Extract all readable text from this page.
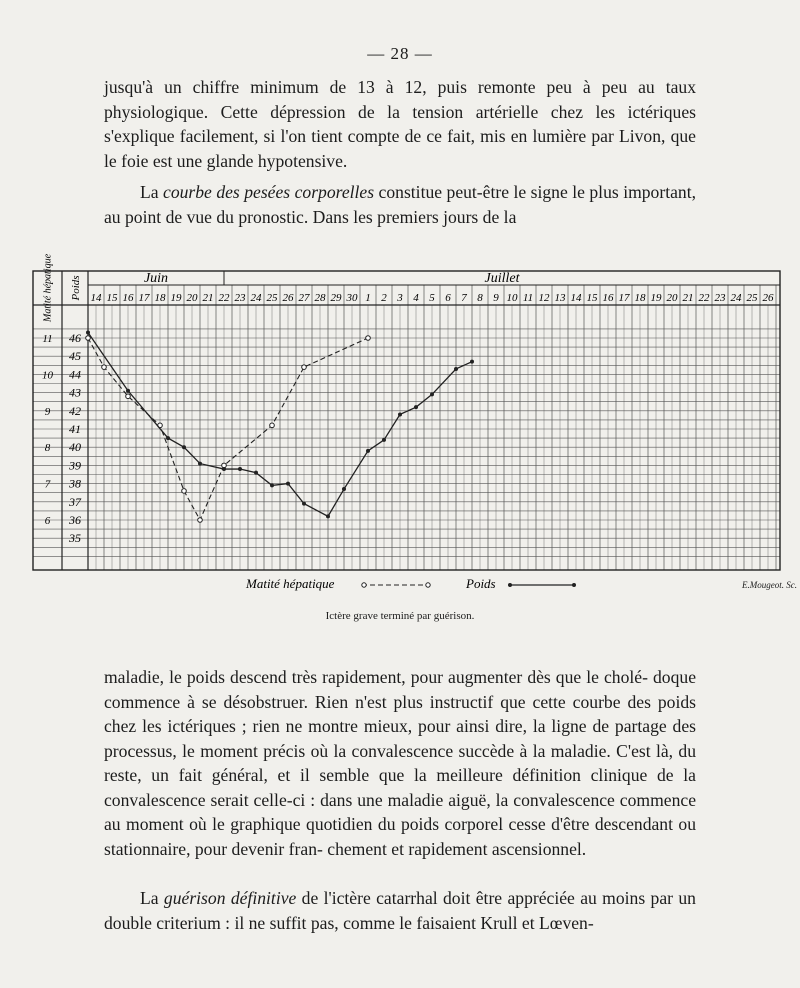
— 28 —

jusqu'à un chiffre minimum de 13 à 12, puis remonte peu à peu au taux physiologique. Cette dépression de la tension artérielle chez les ictériques s'explique facilement, si l'on tient compte de ce fait, mis en lumière par Livon, que le foie est une glande hypotensive.

La courbe des pesées corporelles constitue peut-être le signe le plus important, au point de vue du pronostic. Dans les premiers jours de la

Juin	Juillet
14 15 16 17 18 19 20 21 22 23 24 25 26 27 28 29 30 1 2 3 4 5 6 7 8 9 10 11 12 13 14 15 16 17 18 19 20 21 22 23 24 25 26
Matité hépatique Poids
46
45
44
43
42
41
40
39
38
37
36
35
11
10
9
8
7
6
Matité hépatique	Poids
Ictère grave terminé par guérison.
E.Mougeot. Sc.

maladie, le poids descend très rapidement, pour augmenter dès que le cholé- doque commence à se désobstruer. Rien n'est plus instructif que cette courbe des poids chez les ictériques ; rien ne montre mieux, pour ainsi dire, la ligne de partage des processus, le moment précis où la convalescence succède à la maladie. C'est là, du reste, un fait général, et il semble que la meilleure définition clinique de la convalescence serait celle-ci : dans une maladie aiguë, la convalescence commence au moment où le graphique quotidien du poids corporel cesse d'être descendant ou stationnaire, pour devenir fran- chement et rapidement ascensionnel.

La guérison définitive de l'ictère catarrhal doit être appréciée au moins par un double criterium : il ne suffit pas, comme le faisaient Krull et Lœven-
